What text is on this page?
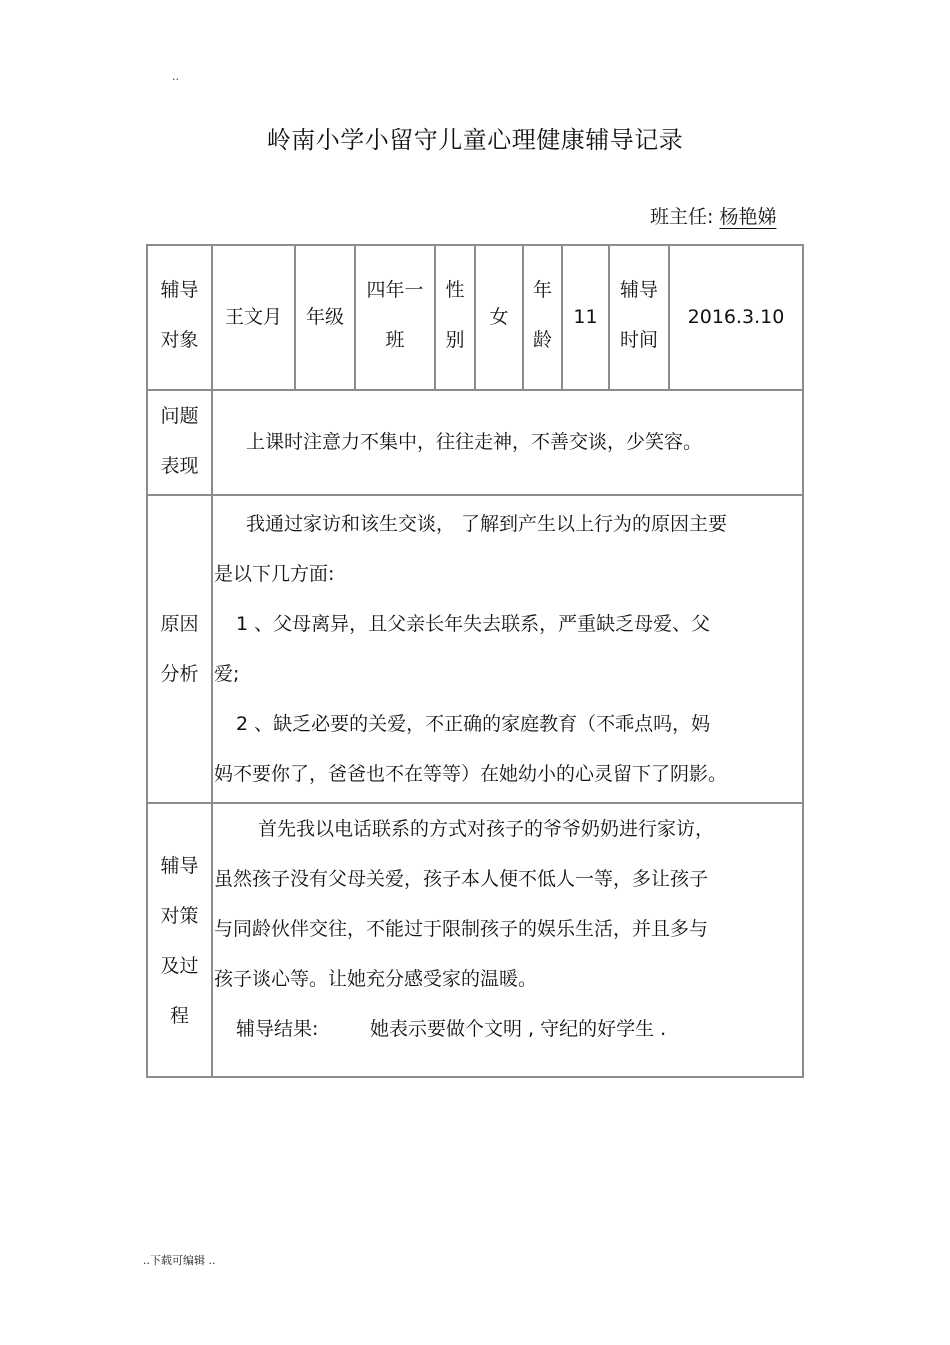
..
岭南小学小留守儿童心理健康辅导记录
班主任: 杨艳娣
辅导
对象
王文月	年级
四年一
班
性
别
女
年
龄
11
辅导
时间
2016.3.10
问题
表现
上课时注意力不集中，往往走神，不善交谈，少笑容。
原因
分析
我通过家访和该生交谈， 了解到产生以上行为的原因主要
是以下几方面:
1 、父母离异，且父亲长年失去联系，严重缺乏母爱、父
爱;
2 、缺乏必要的关爱，不正确的家庭教育（不乖点吗，妈
妈不要你了，爸爸也不在等等）在她幼小的心灵留下了阴影。
辅导
对策
及过
程
首先我以电话联系的方式对孩子的爷爷奶奶进行家访，
虽然孩子没有父母关爱，孩子本人便不低人一等，多让孩子
与同龄伙伴交往，不能过于限制孩子的娱乐生活，并且多与
孩子谈心等。让她充分感受家的温暖。
辅导结果:	她表示要做个文明 , 守纪的好学生 .
..下载可编辑 ..
